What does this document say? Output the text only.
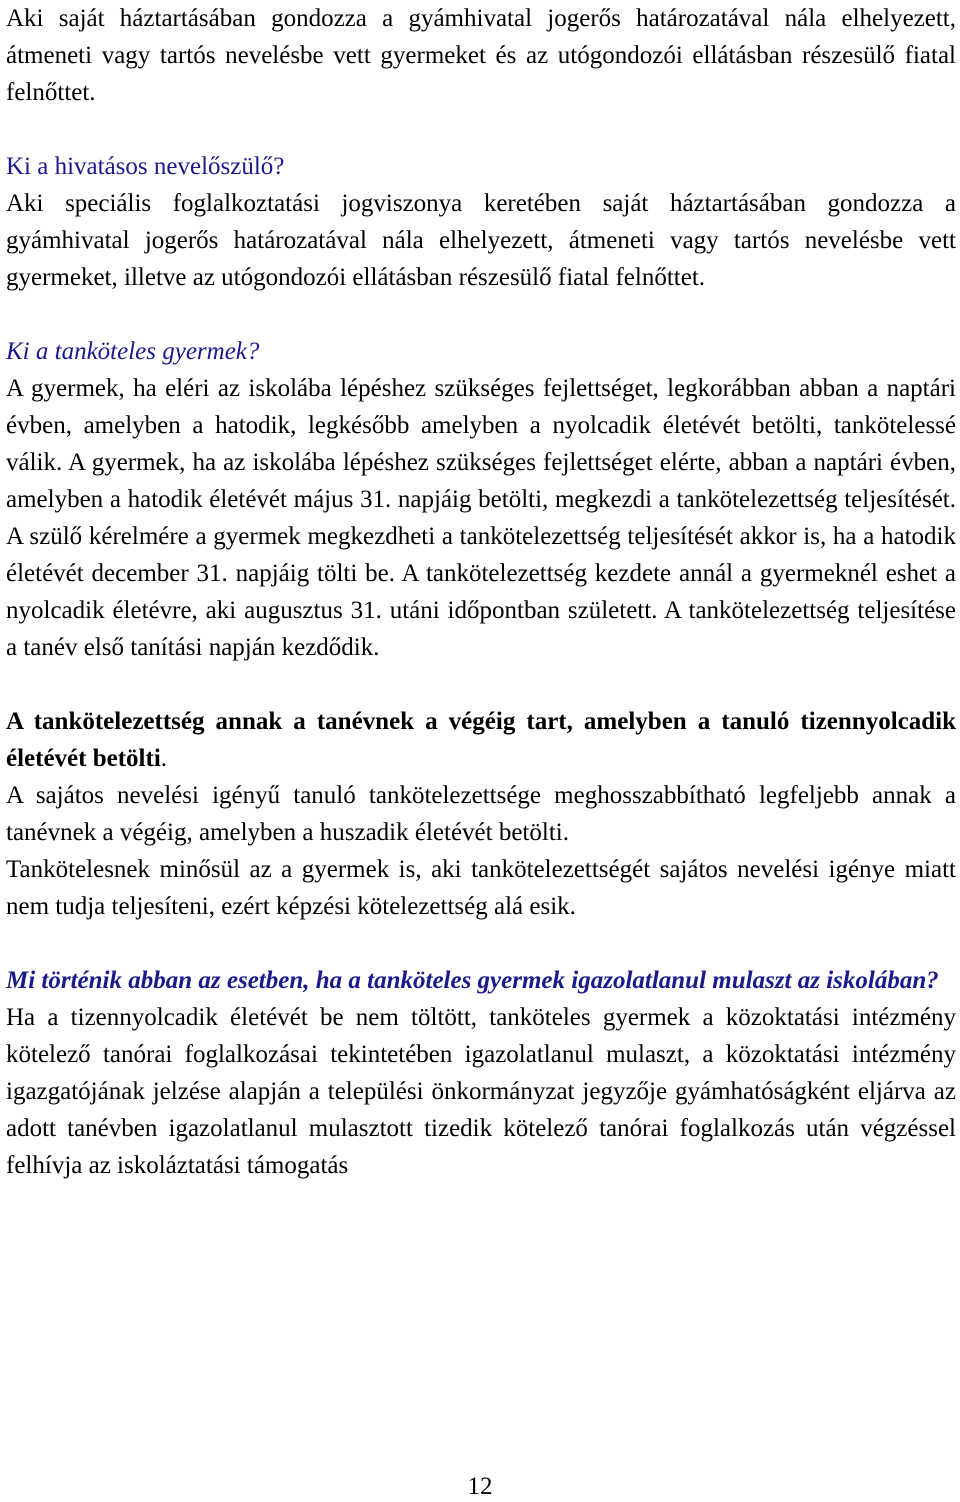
Aki saját háztartásában gondozza a gyámhivatal jogerős határozatával nála elhelyezett, átmeneti vagy tartós nevelésbe vett gyermeket és az utógondozói ellátásban részesülő fiatal felnőttet.

Ki a hivatásos nevelőszülő?

Aki speciális foglalkoztatási jogviszonya keretében saját háztartásában gondozza a gyámhivatal jogerős határozatával nála elhelyezett, átmeneti vagy tartós nevelésbe vett gyermeket, illetve az utógondozói ellátásban részesülő fiatal felnőttet.

Ki a tanköteles gyermek?

A gyermek, ha eléri az iskolába lépéshez szükséges fejlettséget, legkorábban abban a naptári évben, amelyben a hatodik, legkésőbb amelyben a nyolcadik életévét betölti, tankötelessé válik. A gyermek, ha az iskolába lépéshez szükséges fejlettséget elérte, abban a naptári évben, amelyben a hatodik életévét május 31. napjáig betölti, megkezdi a tankötelezettség teljesítését. A szülő kérelmére a gyermek megkezdheti a tankötelezettség teljesítését akkor is, ha a hatodik életévét december 31. napjáig tölti be. A tankötelezettség kezdete annál a gyermeknél eshet a nyolcadik életévre, aki augusztus 31. utáni időpontban született. A tankötelezettség teljesítése a tanév első tanítási napján kezdődik.

A tankötelezettség annak a tanévnek a végéig tart, amelyben a tanuló tizennyolcadik életévét betölti.

A sajátos nevelési igényű tanuló tankötelezettsége meghosszabbítható legfeljebb annak a tanévnek a végéig, amelyben a huszadik életévét betölti.

Tankötelesnek minősül az a gyermek is, aki tankötelezettségét sajátos nevelési igénye miatt nem tudja teljesíteni, ezért képzési kötelezettség alá esik.

Mi történik abban az esetben, ha a tanköteles gyermek igazolatlanul mulaszt az iskolában?

Ha a tizennyolcadik életévét be nem töltött, tanköteles gyermek a közoktatási intézmény kötelező tanórai foglalkozásai tekintetében igazolatlanul mulaszt, a közoktatási intézmény igazgatójának jelzése alapján a települési önkormányzat jegyzője gyámhatóságként eljárva az adott tanévben igazolatlanul mulasztott tizedik kötelező tanórai foglalkozás után végzéssel felhívja az iskoláztatási támogatás

12
